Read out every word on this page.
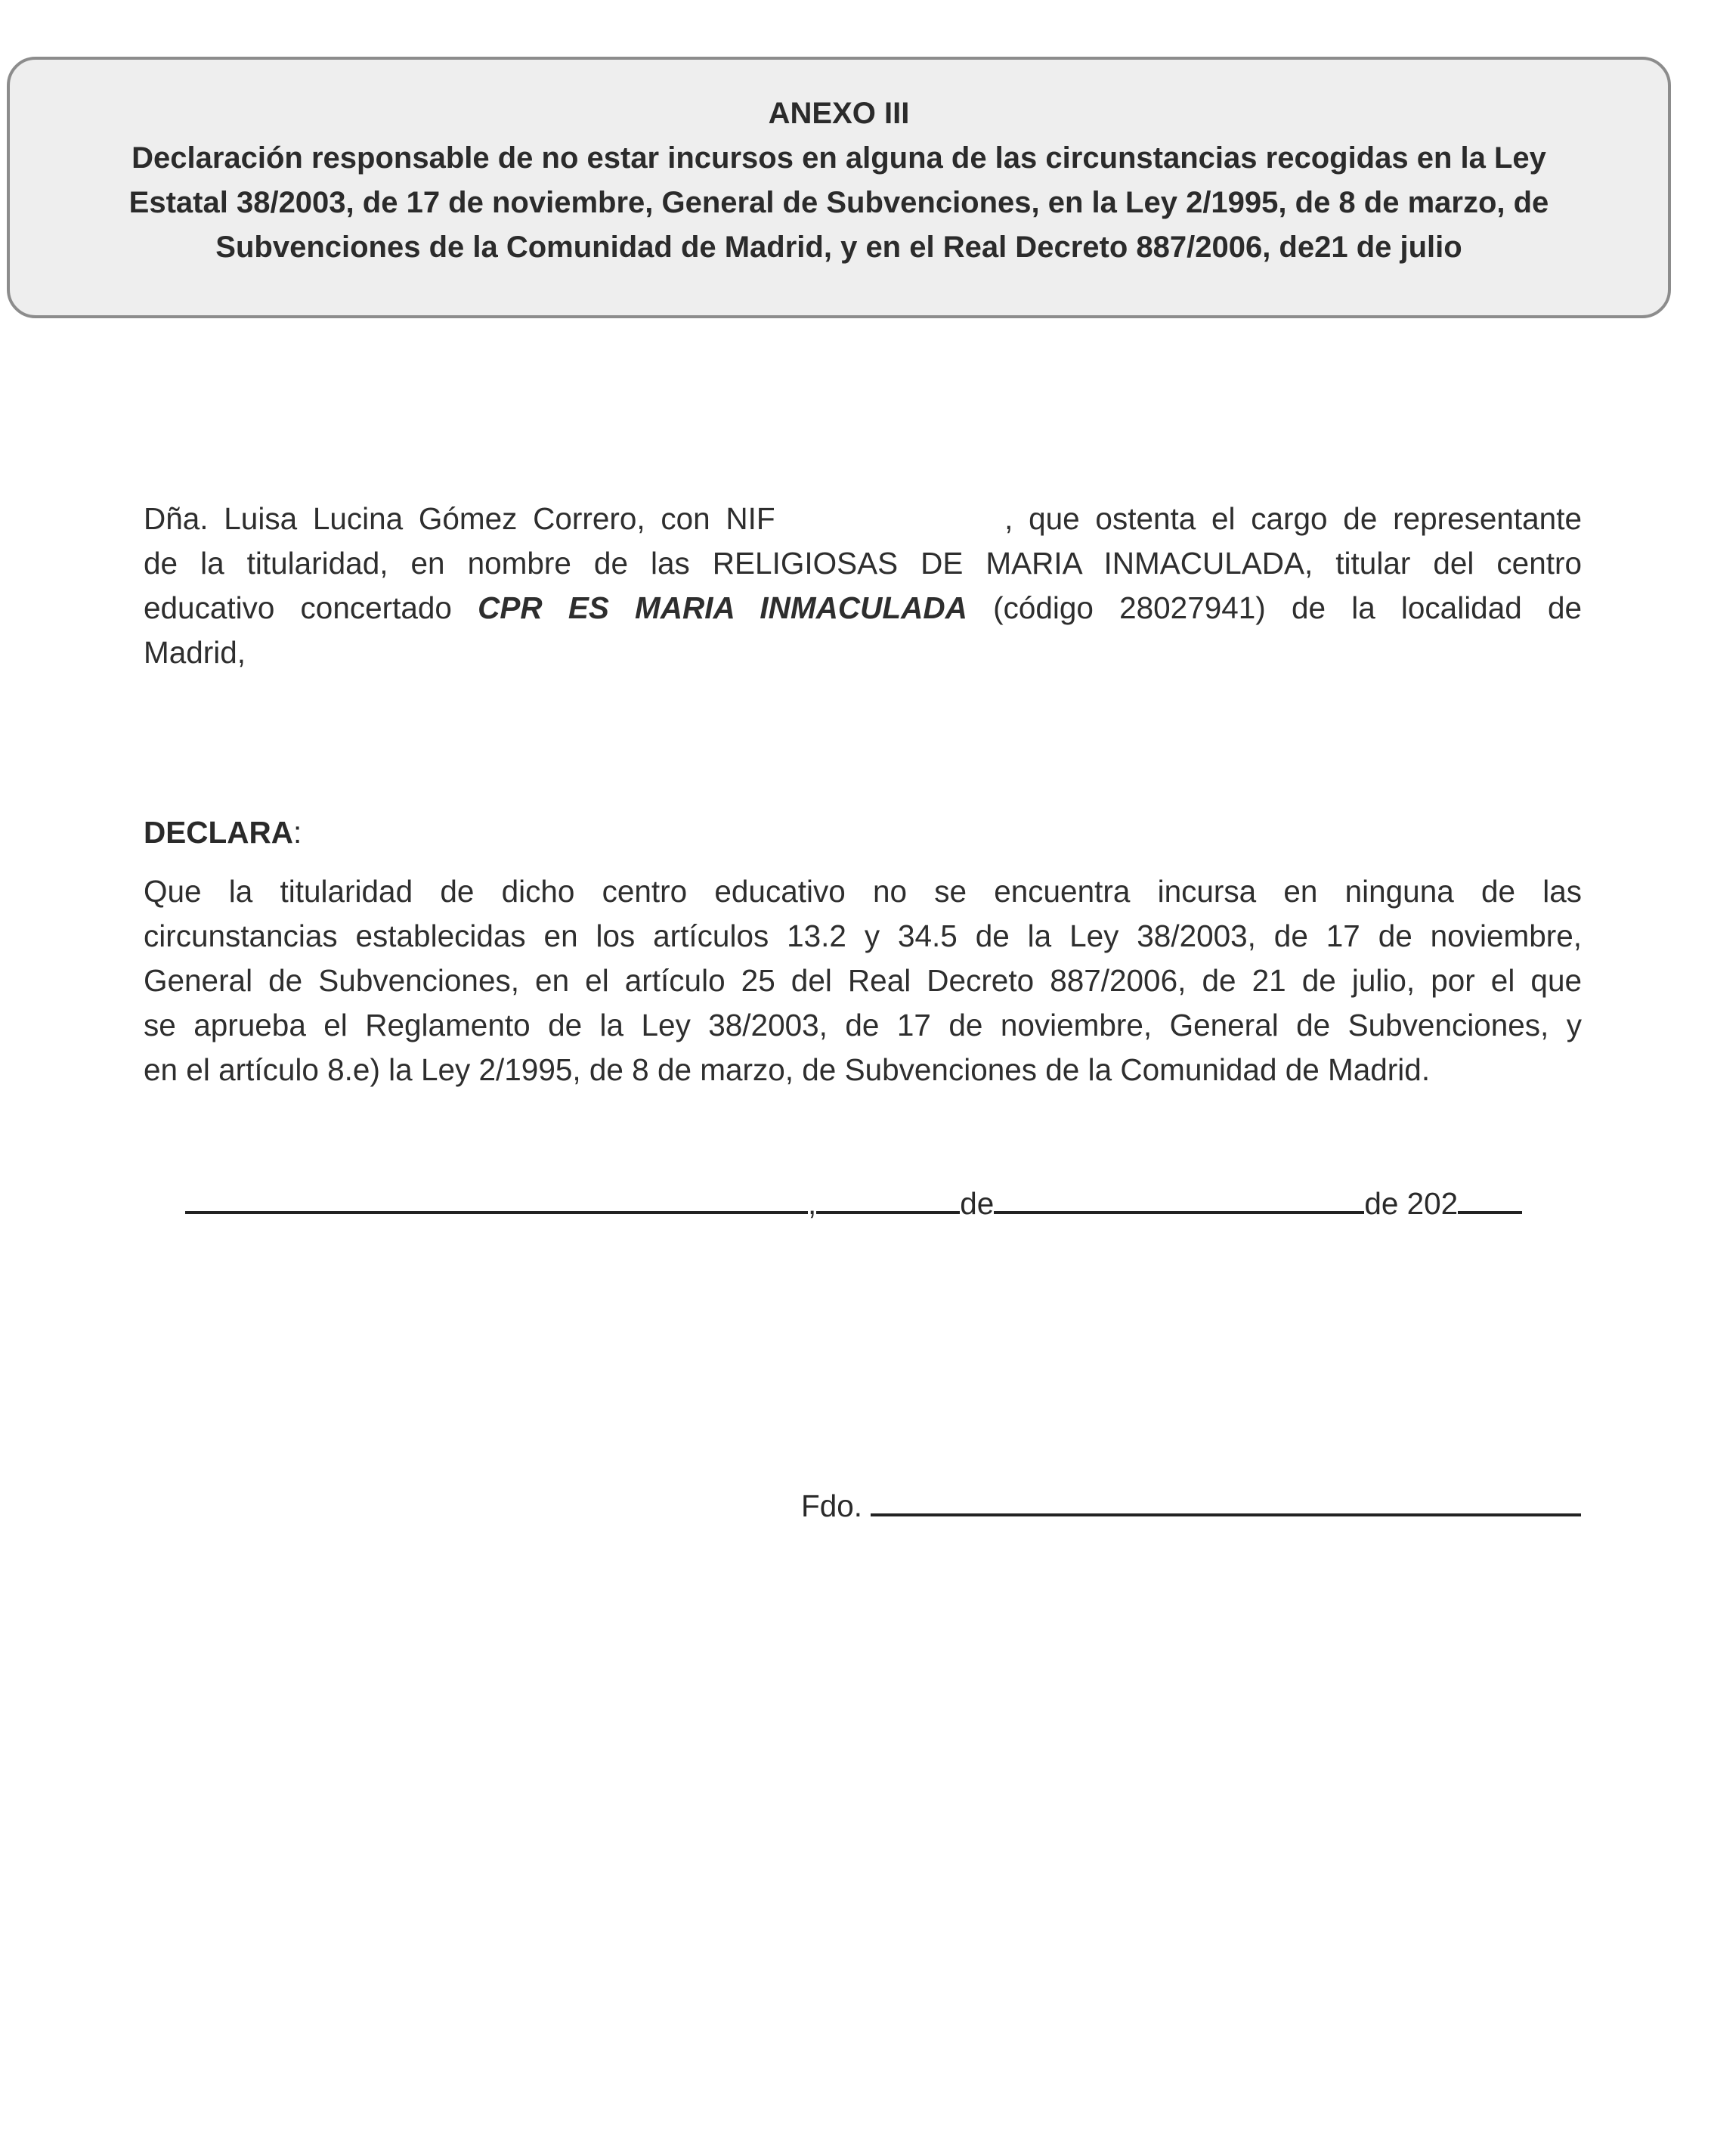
ANEXO III
Declaración responsable de no estar incursos en alguna de las circunstancias recogidas en la Ley
Estatal 38/2003, de 17 de noviembre, General de Subvenciones, en la Ley 2/1995, de 8 de marzo, de
Subvenciones de la Comunidad de Madrid, y en el Real Decreto 887/2006, de21 de julio
Dña. Luisa Lucina Gómez Correro, con NIF	, que ostenta el cargo de representante
de la titularidad, en nombre de las RELIGIOSAS DE MARIA INMACULADA, titular del centro
educativo concertado CPR ES MARIA INMACULADA (código 28027941) de la localidad de
Madrid,
DECLARA:
Que la titularidad de dicho centro educativo no se encuentra incursa en ninguna de las
circunstancias establecidas en los artículos 13.2 y 34.5 de la Ley 38/2003, de 17 de noviembre,
General de Subvenciones, en el artículo 25 del Real Decreto 887/2006, de 21 de julio, por el que
se aprueba el Reglamento de la Ley 38/2003, de 17 de noviembre, General de Subvenciones, y
en el artículo 8.e) la Ley 2/1995, de 8 de marzo, de Subvenciones de la Comunidad de Madrid.
,	de	de 202
Fdo.
